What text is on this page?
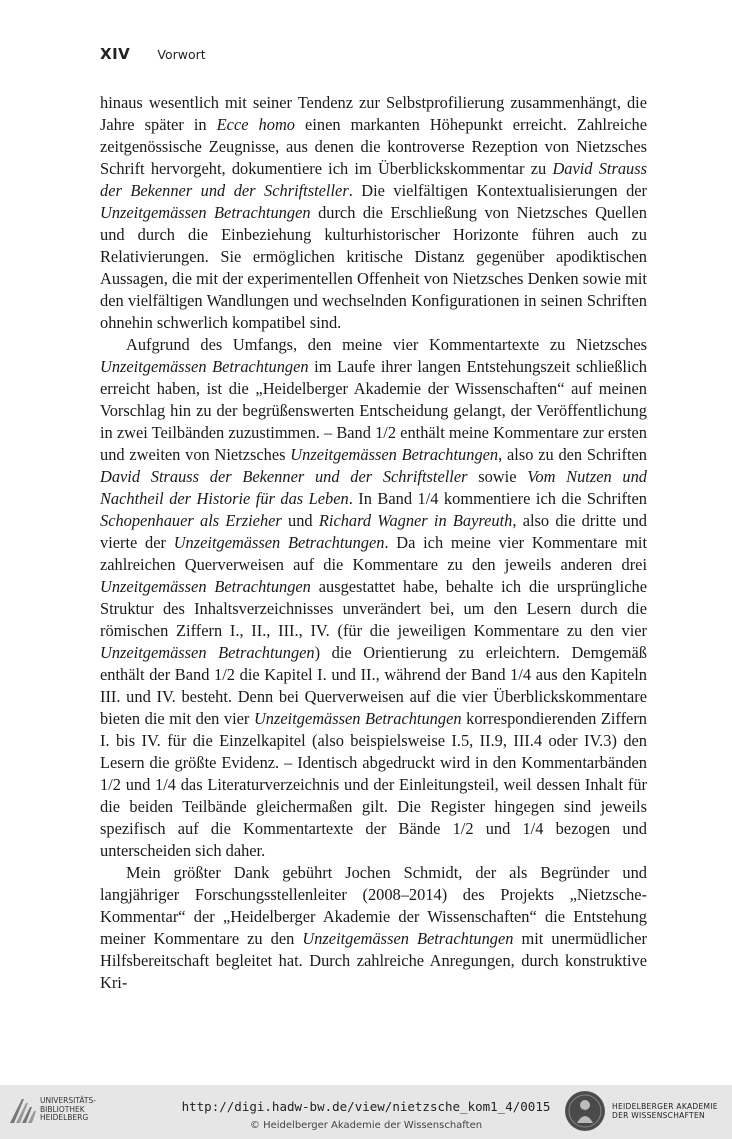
XIV Vorwort

hinaus wesentlich mit seiner Tendenz zur Selbstprofilierung zusammenhängt, die Jahre später in Ecce homo einen markanten Höhepunkt erreicht. Zahlreiche zeitgenössische Zeugnisse, aus denen die kontroverse Rezeption von Nietzsches Schrift hervorgeht, dokumentiere ich im Überblickskommentar zu David Strauss der Bekenner und der Schriftsteller. Die vielfältigen Kontextualisierungen der Unzeitgemässen Betrachtungen durch die Erschließung von Nietzsches Quellen und durch die Einbeziehung kulturhistorischer Horizonte führen auch zu Relativierungen. Sie ermöglichen kritische Distanz gegenüber apodiktischen Aussagen, die mit der experimentellen Offenheit von Nietzsches Denken sowie mit den vielfältigen Wandlungen und wechselnden Konfigurationen in seinen Schriften ohnehin schwerlich kompatibel sind.

Aufgrund des Umfangs, den meine vier Kommentartexte zu Nietzsches Unzeitgemässen Betrachtungen im Laufe ihrer langen Entstehungszeit schließlich erreicht haben, ist die „Heidelberger Akademie der Wissenschaften“ auf meinen Vorschlag hin zu der begrüßenswerten Entscheidung gelangt, der Veröffentlichung in zwei Teilbänden zuzustimmen. – Band 1/2 enthält meine Kommentare zur ersten und zweiten von Nietzsches Unzeitgemässen Betrachtungen, also zu den Schriften David Strauss der Bekenner und der Schriftsteller sowie Vom Nutzen und Nachtheil der Historie für das Leben. In Band 1/4 kommentiere ich die Schriften Schopenhauer als Erzieher und Richard Wagner in Bayreuth, also die dritte und vierte der Unzeitgemässen Betrachtungen. Da ich meine vier Kommentare mit zahlreichen Querverweisen auf die Kommentare zu den jeweils anderen drei Unzeitgemässen Betrachtungen ausgestattet habe, behalte ich die ursprüngliche Struktur des Inhaltsverzeichnisses unverändert bei, um den Lesern durch die römischen Ziffern I., II., III., IV. (für die jeweiligen Kommentare zu den vier Unzeitgemässen Betrachtungen) die Orientierung zu erleichtern. Demgemäß enthält der Band 1/2 die Kapitel I. und II., während der Band 1/4 aus den Kapiteln III. und IV. besteht. Denn bei Querverweisen auf die vier Überblickskommentare bieten die mit den vier Unzeitgemässen Betrachtungen korrespondierenden Ziffern I. bis IV. für die Einzelkapitel (also beispielsweise I.5, II.9, III.4 oder IV.3) den Lesern die größte Evidenz. – Identisch abgedruckt wird in den Kommentarbänden 1/2 und 1/4 das Literaturverzeichnis und der Einleitungsteil, weil dessen Inhalt für die beiden Teilbände gleichermaßen gilt. Die Register hingegen sind jeweils spezifisch auf die Kommentartexte der Bände 1/2 und 1/4 bezogen und unterscheiden sich daher.

Mein größter Dank gebührt Jochen Schmidt, der als Begründer und langjähriger Forschungsstellenleiter (2008–2014) des Projekts „Nietzsche-Kommentar“ der „Heidelberger Akademie der Wissenschaften“ die Entstehung meiner Kommentare zu den Unzeitgemässen Betrachtungen mit unermüdlicher Hilfsbereitschaft begleitet hat. Durch zahlreiche Anregungen, durch konstruktive Kri-

UNIVERSITÄTS-
BIBLIOTHEK
HEIDELBERG
http://digi.hadw-bw.de/view/nietzsche_kom1_4/0015
© Heidelberger Akademie der Wissenschaften
HEIDELBERGER AKADEMIE
DER WISSENSCHAFTEN
